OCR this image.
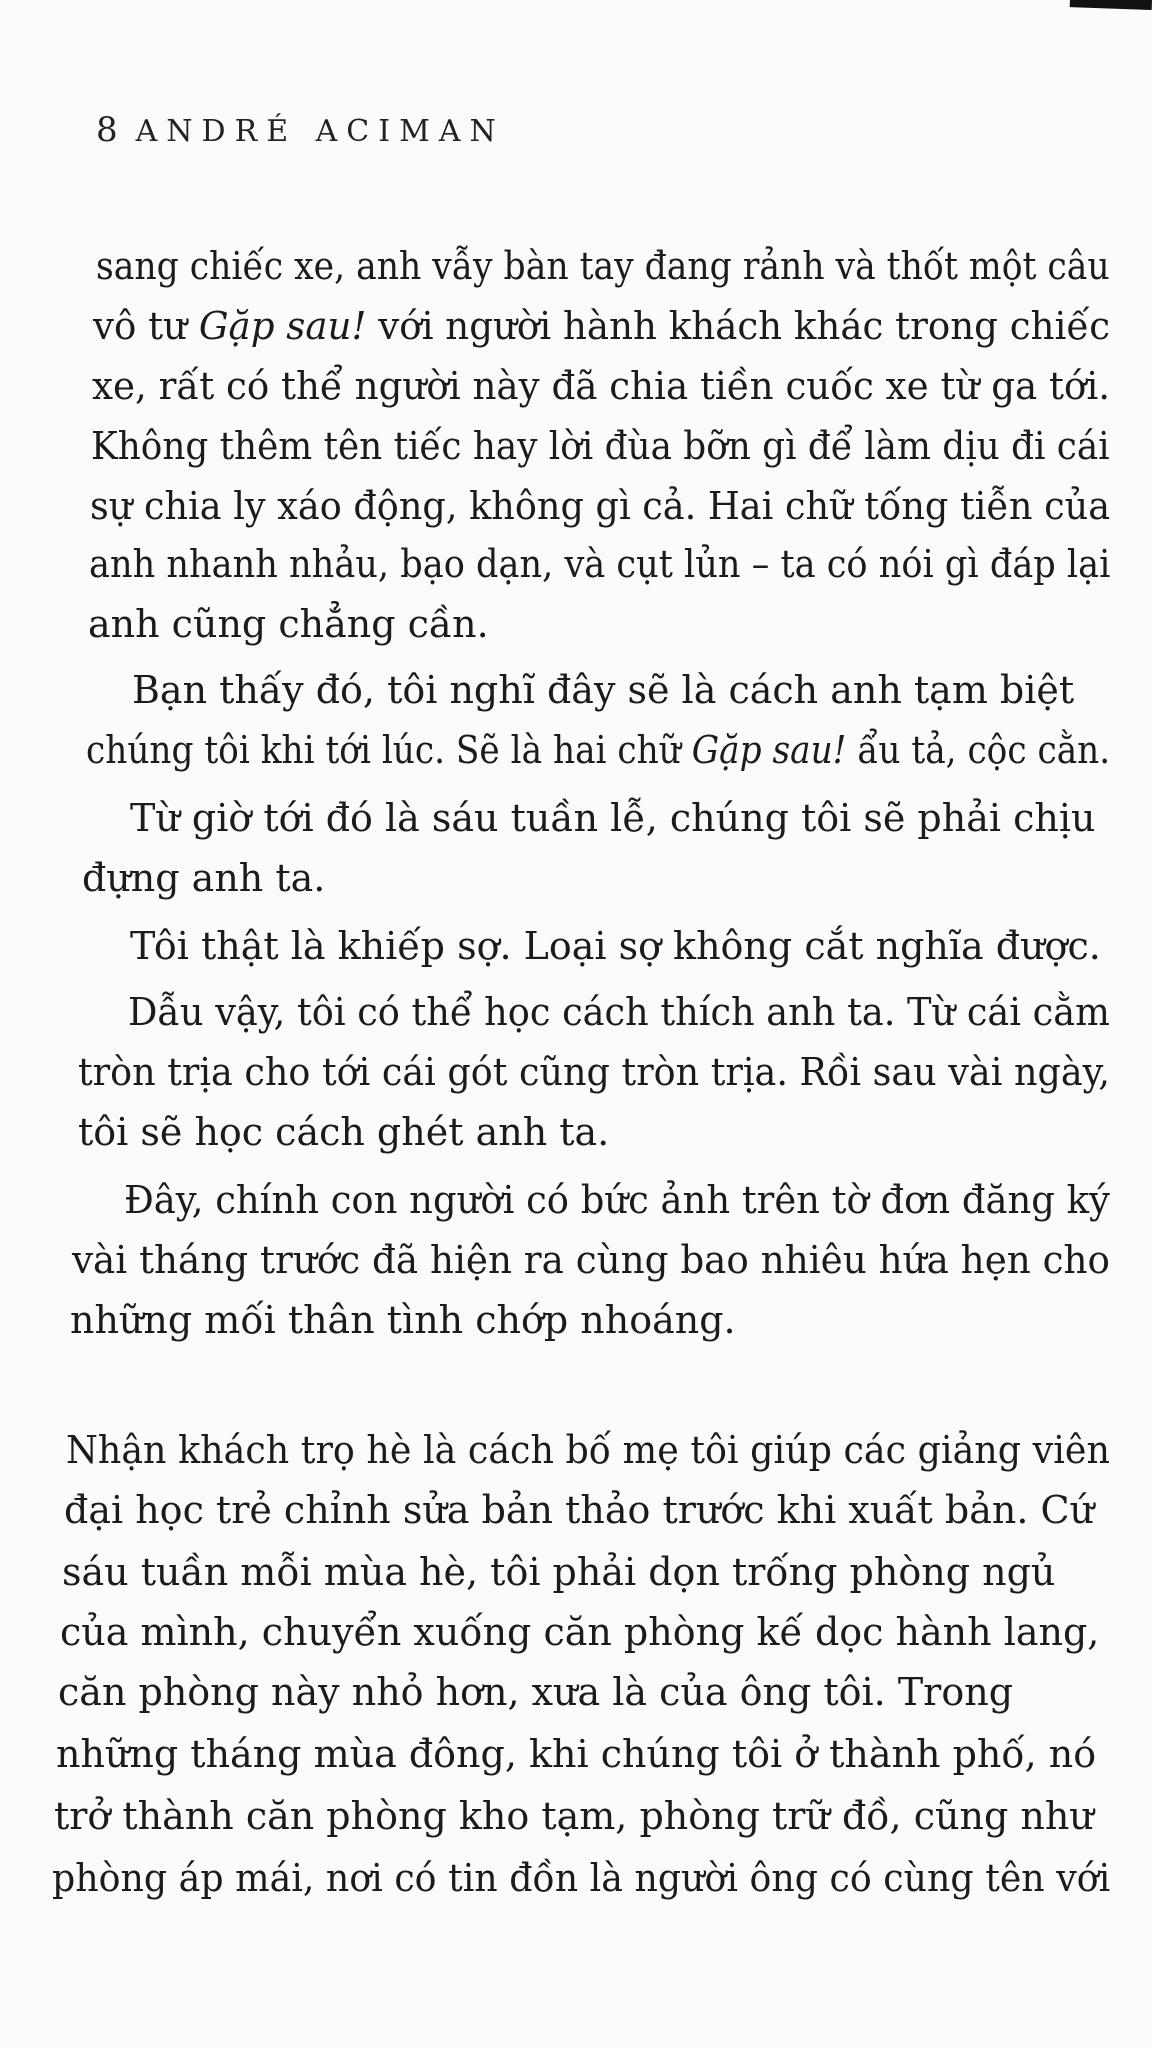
8 ANDRÉ ACIMAN
sang chiếc xe, anh vẫy bàn tay đang rảnh và thốt một câu
vô tư Gặp sau! với người hành khách khác trong chiếc
xe, rất có thể người này đã chia tiền cuốc xe từ ga tới.
Không thêm tên tiếc hay lời đùa bỡn gì để làm dịu đi cái
sự chia ly xáo động, không gì cả. Hai chữ tống tiễn của
anh nhanh nhảu, bạo dạn, và cụt lủn – ta có nói gì đáp lại
anh cũng chẳng cần.
Bạn thấy đó, tôi nghĩ đây sẽ là cách anh tạm biệt
chúng tôi khi tới lúc. Sẽ là hai chữ Gặp sau! ẩu tả, cộc cằn.
Từ giờ tới đó là sáu tuần lễ, chúng tôi sẽ phải chịu
đựng anh ta.
Tôi thật là khiếp sợ. Loại sợ không cắt nghĩa được.
Dẫu vậy, tôi có thể học cách thích anh ta. Từ cái cằm
tròn trịa cho tới cái gót cũng tròn trịa. Rồi sau vài ngày,
tôi sẽ học cách ghét anh ta.
Đây, chính con người có bức ảnh trên tờ đơn đăng ký
vài tháng trước đã hiện ra cùng bao nhiêu hứa hẹn cho
những mối thân tình chớp nhoáng.
Nhận khách trọ hè là cách bố mẹ tôi giúp các giảng viên
đại học trẻ chỉnh sửa bản thảo trước khi xuất bản. Cứ
sáu tuần mỗi mùa hè, tôi phải dọn trống phòng ngủ
của mình, chuyển xuống căn phòng kế dọc hành lang,
căn phòng này nhỏ hơn, xưa là của ông tôi. Trong
những tháng mùa đông, khi chúng tôi ở thành phố, nó
trở thành căn phòng kho tạm, phòng trữ đồ, cũng như
phòng áp mái, nơi có tin đồn là người ông có cùng tên với
